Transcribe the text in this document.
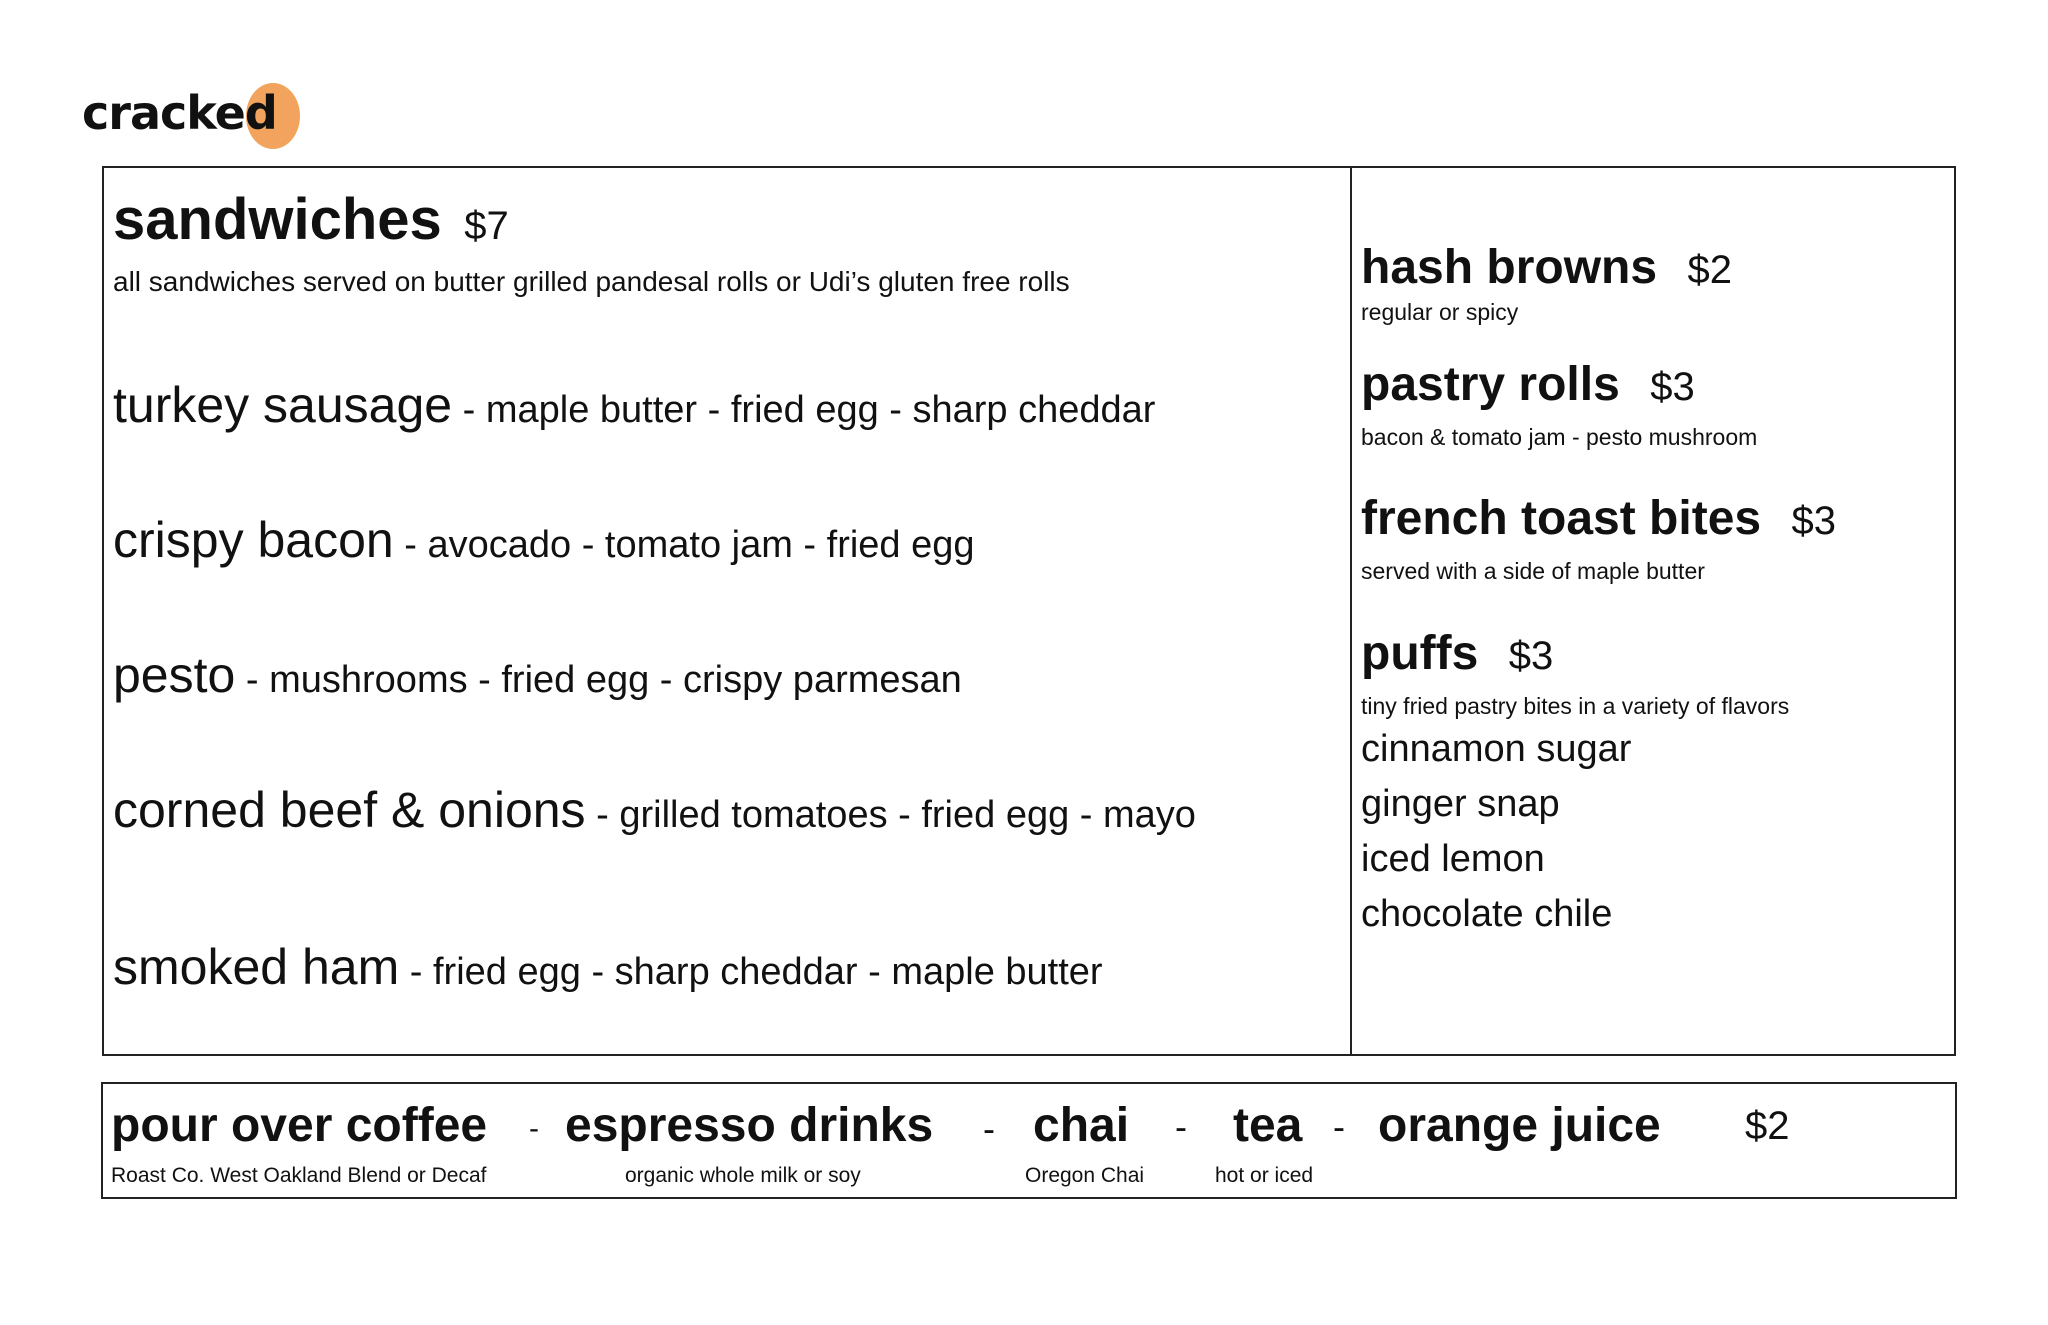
cracked
sandwiches $7
all sandwiches served on butter grilled pandesal rolls or Udi’s gluten free rolls
turkey sausage - maple butter - fried egg - sharp cheddar
crispy bacon - avocado - tomato jam - fried egg
pesto - mushrooms - fried egg - crispy parmesan
corned beef & onions - grilled tomatoes - fried egg - mayo
smoked ham - fried egg - sharp cheddar - maple butter
hash browns $2
regular or spicy
pastry rolls $3
bacon & tomato jam - pesto mushroom
french toast bites $3
served with a side of maple butter
puffs $3
tiny fried pastry bites in a variety of flavors
cinnamon sugar
ginger snap
iced lemon
chocolate chile
pour over coffee - espresso drinks - chai - tea - orange juice $2
Roast Co. West Oakland Blend or Decaf	organic whole milk or soy	Oregon Chai	hot or iced
